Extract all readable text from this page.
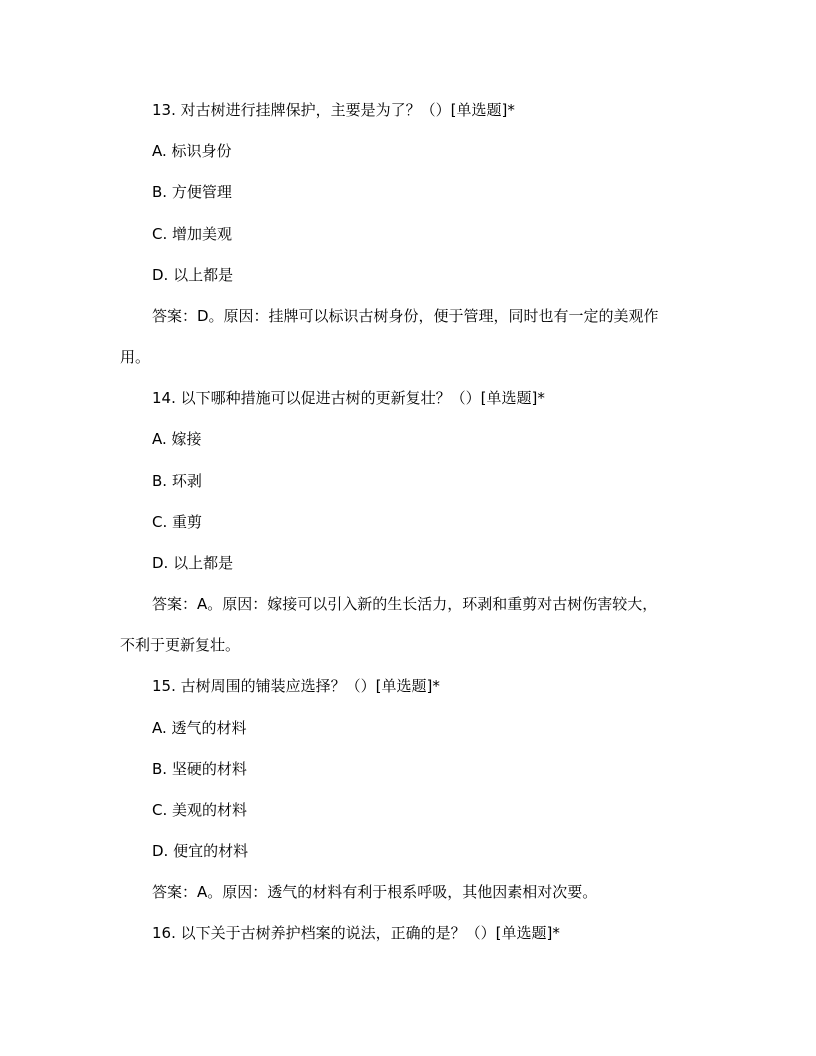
13. 对古树进行挂牌保护，主要是为了？（）[单选题]*
A. 标识身份
B. 方便管理
C. 增加美观
D. 以上都是
答案：D。原因：挂牌可以标识古树身份，便于管理，同时也有一定的美观作
用。
14. 以下哪种措施可以促进古树的更新复壮？（）[单选题]*
A. 嫁接
B. 环剥
C. 重剪
D. 以上都是
答案：A。原因：嫁接可以引入新的生长活力，环剥和重剪对古树伤害较大，
不利于更新复壮。
15. 古树周围的铺装应选择？（）[单选题]*
A. 透气的材料
B. 坚硬的材料
C. 美观的材料
D. 便宜的材料
答案：A。原因：透气的材料有利于根系呼吸，其他因素相对次要。
16. 以下关于古树养护档案的说法，正确的是？（）[单选题]*
